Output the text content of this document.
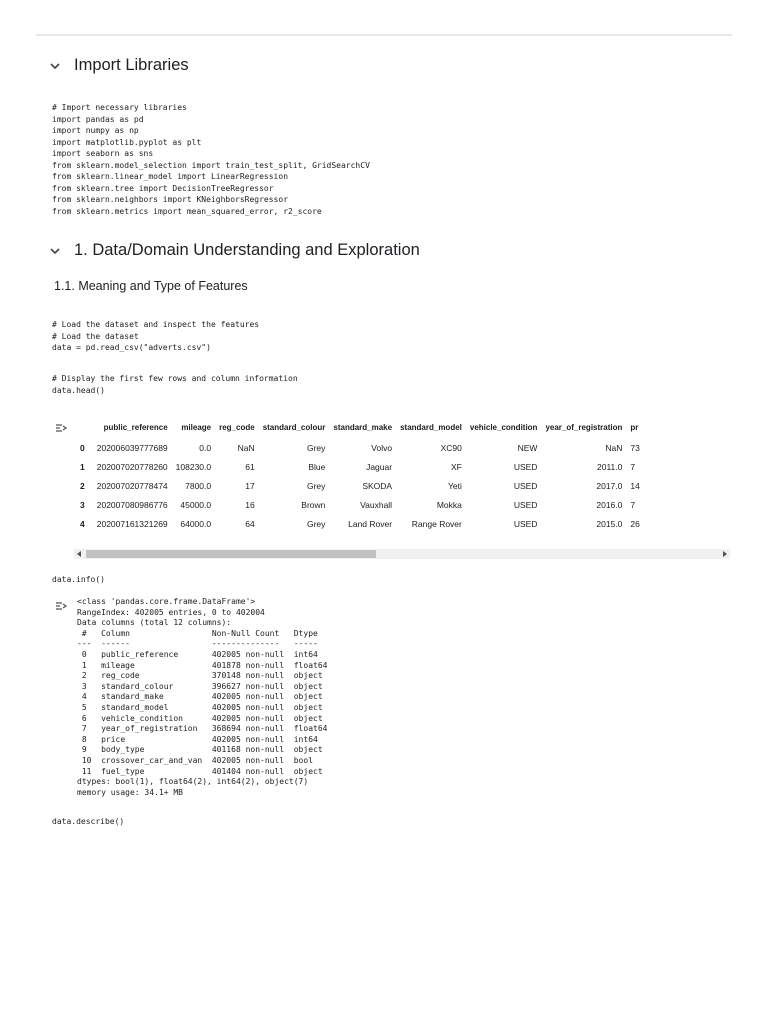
Import Libraries
# Import necessary libraries
import pandas as pd
import numpy as np
import matplotlib.pyplot as plt
import seaborn as sns
from sklearn.model_selection import train_test_split, GridSearchCV
from sklearn.linear_model import LinearRegression
from sklearn.tree import DecisionTreeRegressor
from sklearn.neighbors import KNeighborsRegressor
from sklearn.metrics import mean_squared_error, r2_score
1. Data/Domain Understanding and Exploration
1.1. Meaning and Type of Features
# Load the dataset and inspect the features
# Load the dataset
data = pd.read_csv("adverts.csv")
# Display the first few rows and column information
data.head()
	public_reference	mileage	reg_code	standard_colour	standard_make	standard_model	vehicle_condition	year_of_registration	pr
0	202006039777689	0.0	NaN	Grey	Volvo	XC90	NEW	NaN	73
1	202007020778260	108230.0	61	Blue	Jaguar	XF	USED	2011.0	7
2	202007020778474	7800.0	17	Grey	SKODA	Yeti	USED	2017.0	14
3	202007080986776	45000.0	16	Brown	Vauxhall	Mokka	USED	2016.0	7
4	202007161321269	64000.0	64	Grey	Land Rover	Range Rover	USED	2015.0	26
data.info()
<class 'pandas.core.frame.DataFrame'>
RangeIndex: 402005 entries, 0 to 402004
Data columns (total 12 columns):
#   Column                 Non-Null Count   Dtype
---  ------                 --------------   -----
0   public_reference       402005 non-null  int64
1   mileage                401878 non-null  float64
2   reg_code               370148 non-null  object
3   standard_colour        396627 non-null  object
4   standard_make          402005 non-null  object
5   standard_model         402005 non-null  object
6   vehicle_condition      402005 non-null  object
7   year_of_registration   368694 non-null  float64
8   price                  402005 non-null  int64
9   body_type              401168 non-null  object
10  crossover_car_and_van  402005 non-null  bool
11  fuel_type              401404 non-null  object
dtypes: bool(1), float64(2), int64(2), object(7)
memory usage: 34.1+ MB
data.describe()
